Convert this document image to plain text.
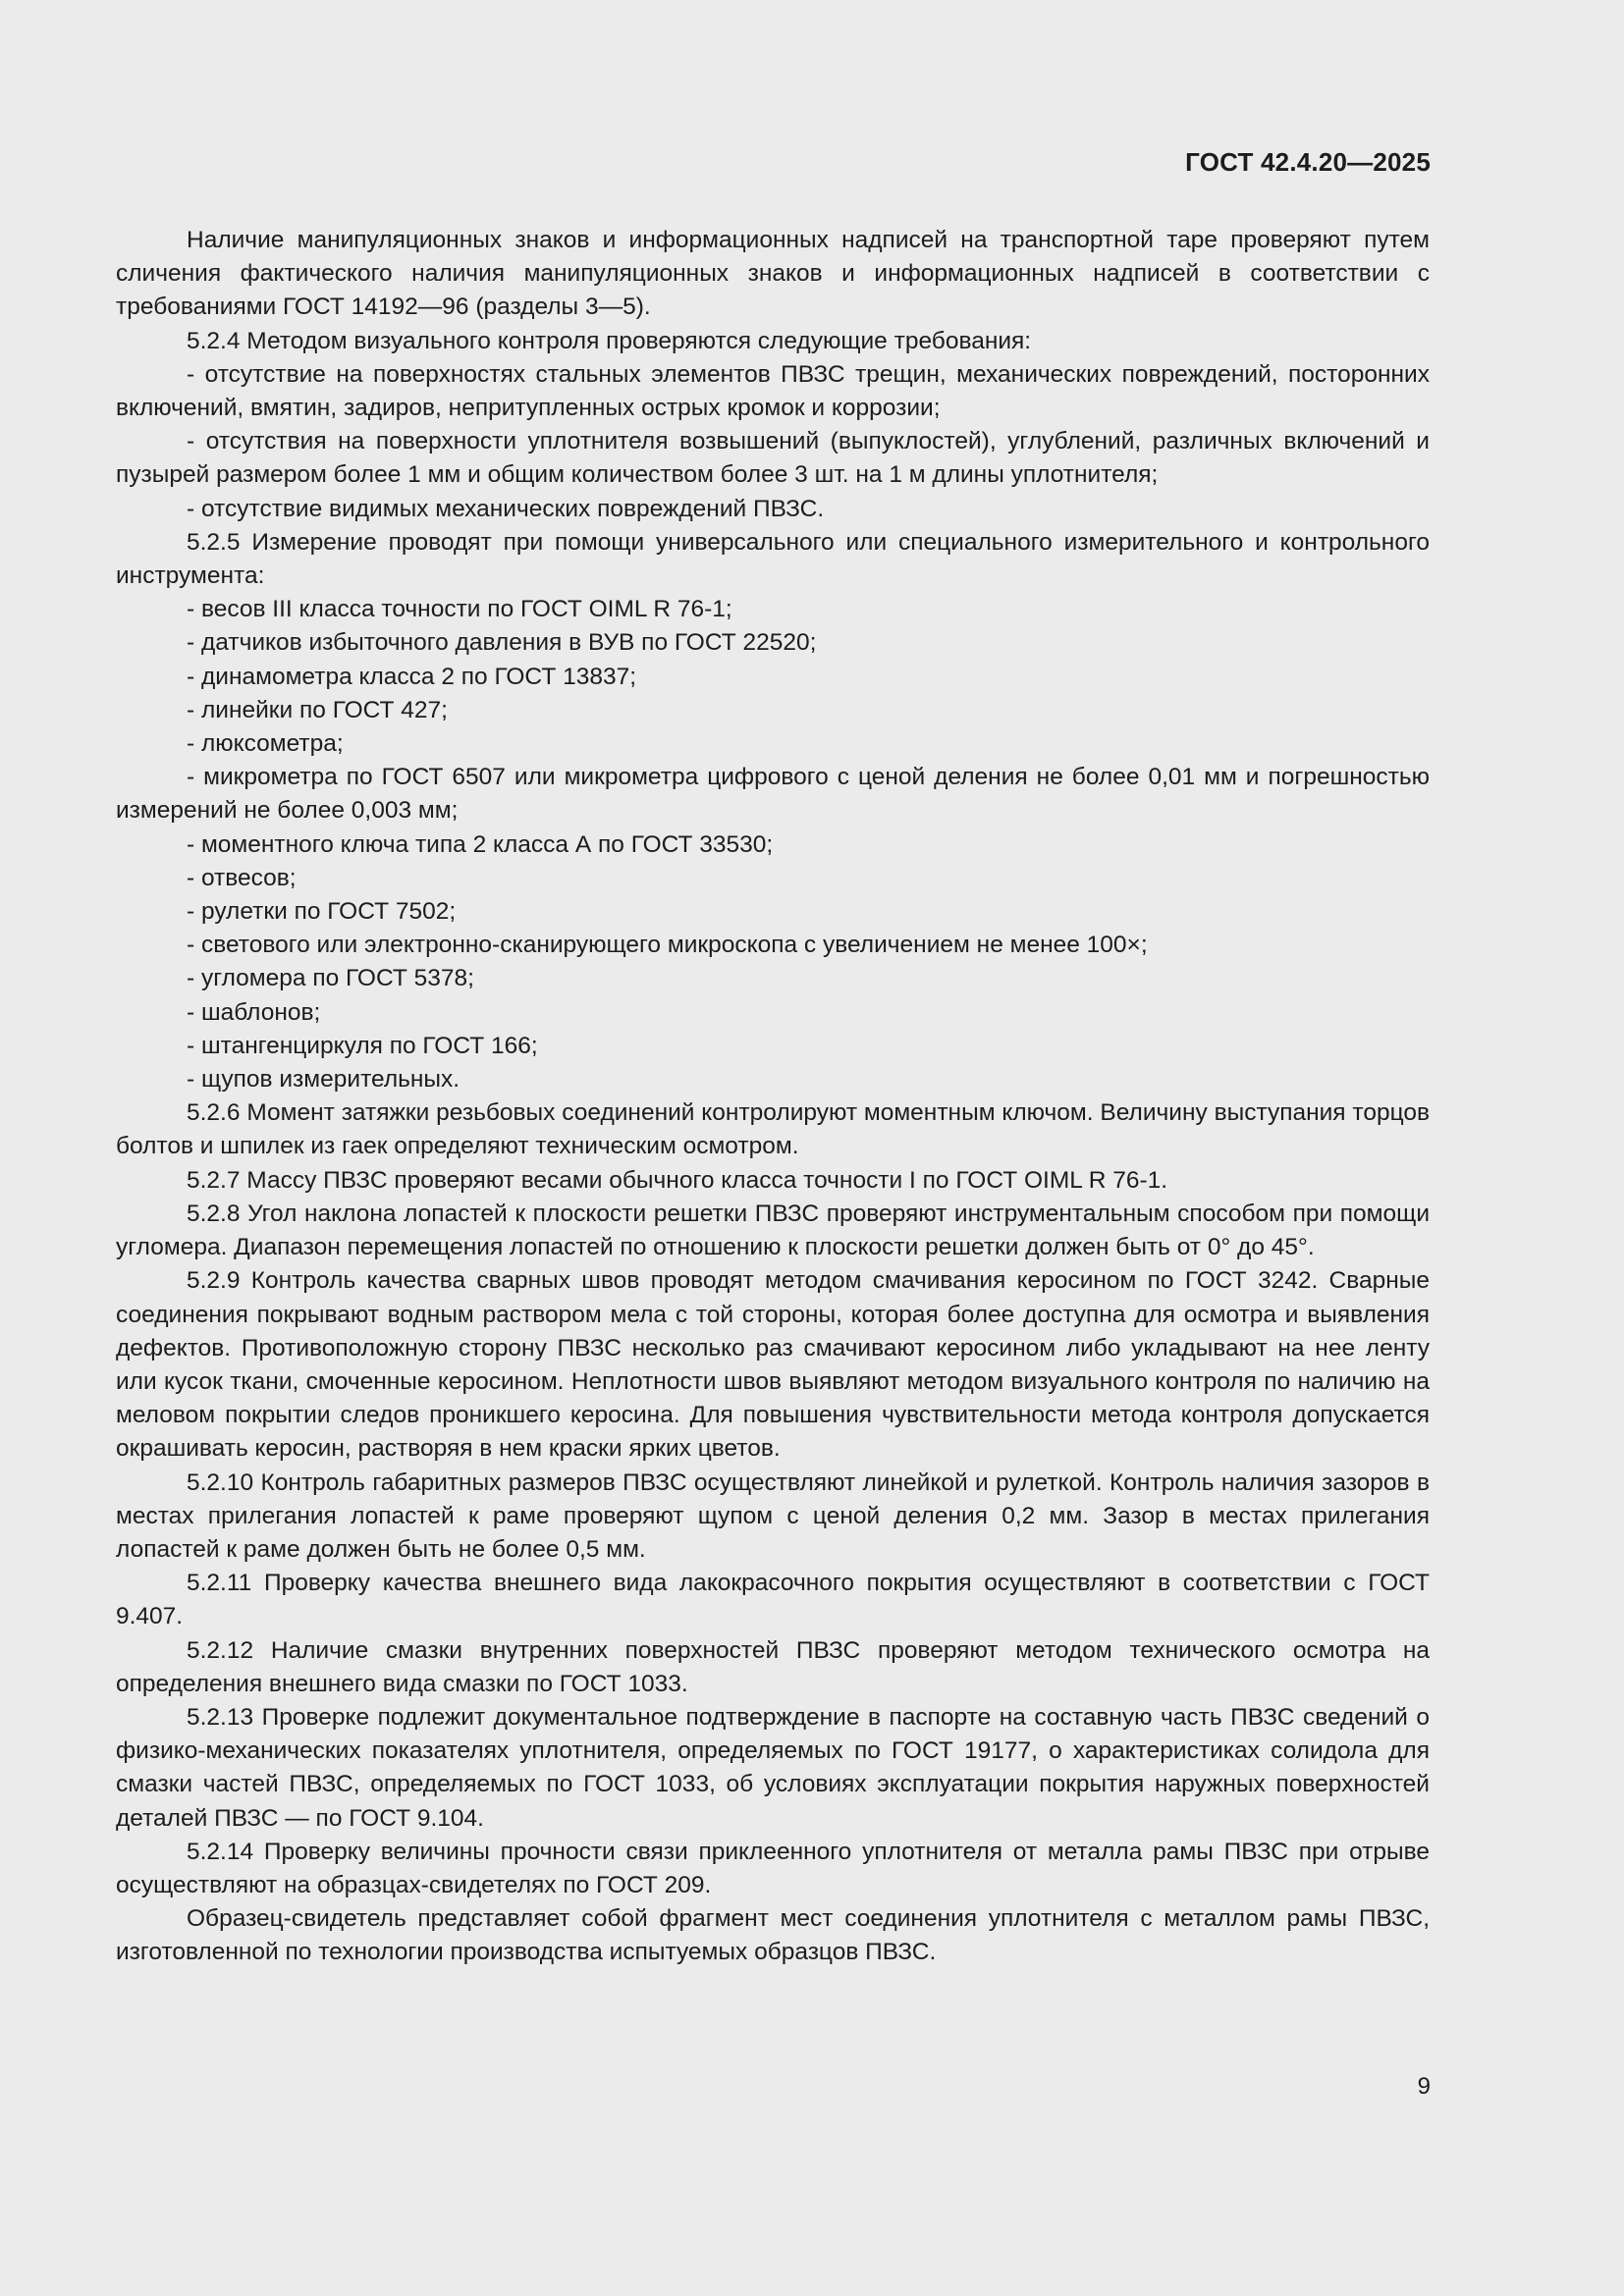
ГОСТ 42.4.20—2025

Наличие манипуляционных знаков и информационных надписей на транспортной таре проверяют путем сличения фактического наличия манипуляционных знаков и информационных надписей в соответствии с требованиями ГОСТ 14192—96 (разделы 3—5).

5.2.4 Методом визуального контроля проверяются следующие требования:

- отсутствие на поверхностях стальных элементов ПВЗС трещин, механических повреждений, посторонних включений, вмятин, задиров, непритупленных острых кромок и коррозии;

- отсутствия на поверхности уплотнителя возвышений (выпуклостей), углублений, различных включений и пузырей размером более 1 мм и общим количеством более 3 шт. на 1 м длины уплотнителя;

- отсутствие видимых механических повреждений ПВЗС.

5.2.5 Измерение проводят при помощи универсального или специального измерительного и контрольного инструмента:

- весов III класса точности по ГОСТ OIML R 76-1;

- датчиков избыточного давления в ВУВ по ГОСТ 22520;

- динамометра класса 2 по ГОСТ 13837;

- линейки по ГОСТ 427;

- люксометра;

- микрометра по ГОСТ 6507 или микрометра цифрового с ценой деления не более 0,01 мм и погрешностью измерений не более 0,003 мм;

- моментного ключа типа 2 класса А по ГОСТ 33530;

- отвесов;

- рулетки по ГОСТ 7502;

- светового или электронно-сканирующего микроскопа с увеличением не менее 100×;

- угломера по ГОСТ 5378;

- шаблонов;

- штангенциркуля по ГОСТ 166;

- щупов измерительных.

5.2.6 Момент затяжки резьбовых соединений контролируют моментным ключом. Величину выступания торцов болтов и шпилек из гаек определяют техническим осмотром.

5.2.7 Массу ПВЗС проверяют весами обычного класса точности I по ГОСТ OIML R 76-1.

5.2.8 Угол наклона лопастей к плоскости решетки ПВЗС проверяют инструментальным способом при помощи угломера. Диапазон перемещения лопастей по отношению к плоскости решетки должен быть от 0° до 45°.

5.2.9 Контроль качества сварных швов проводят методом смачивания керосином по ГОСТ 3242. Сварные соединения покрывают водным раствором мела с той стороны, которая более доступна для осмотра и выявления дефектов. Противоположную сторону ПВЗС несколько раз смачивают керосином либо укладывают на нее ленту или кусок ткани, смоченные керосином. Неплотности швов выявляют методом визуального контроля по наличию на меловом покрытии следов проникшего керосина. Для повышения чувствительности метода контроля допускается окрашивать керосин, растворяя в нем краски ярких цветов.

5.2.10 Контроль габаритных размеров ПВЗС осуществляют линейкой и рулеткой. Контроль наличия зазоров в местах прилегания лопастей к раме проверяют щупом с ценой деления 0,2 мм. Зазор в местах прилегания лопастей к раме должен быть не более 0,5 мм.

5.2.11 Проверку качества внешнего вида лакокрасочного покрытия осуществляют в соответствии с ГОСТ 9.407.

5.2.12 Наличие смазки внутренних поверхностей ПВЗС проверяют методом технического осмотра на определения внешнего вида смазки по ГОСТ 1033.

5.2.13 Проверке подлежит документальное подтверждение в паспорте на составную часть ПВЗС сведений о физико-механических показателях уплотнителя, определяемых по ГОСТ 19177, о характеристиках солидола для смазки частей ПВЗС, определяемых по ГОСТ 1033, об условиях эксплуатации покрытия наружных поверхностей деталей ПВЗС — по ГОСТ 9.104.

5.2.14 Проверку величины прочности связи приклеенного уплотнителя от металла рамы ПВЗС при отрыве осуществляют на образцах-свидетелях по ГОСТ 209.

Образец-свидетель представляет собой фрагмент мест соединения уплотнителя с металлом рамы ПВЗС, изготовленной по технологии производства испытуемых образцов ПВЗС.

9
